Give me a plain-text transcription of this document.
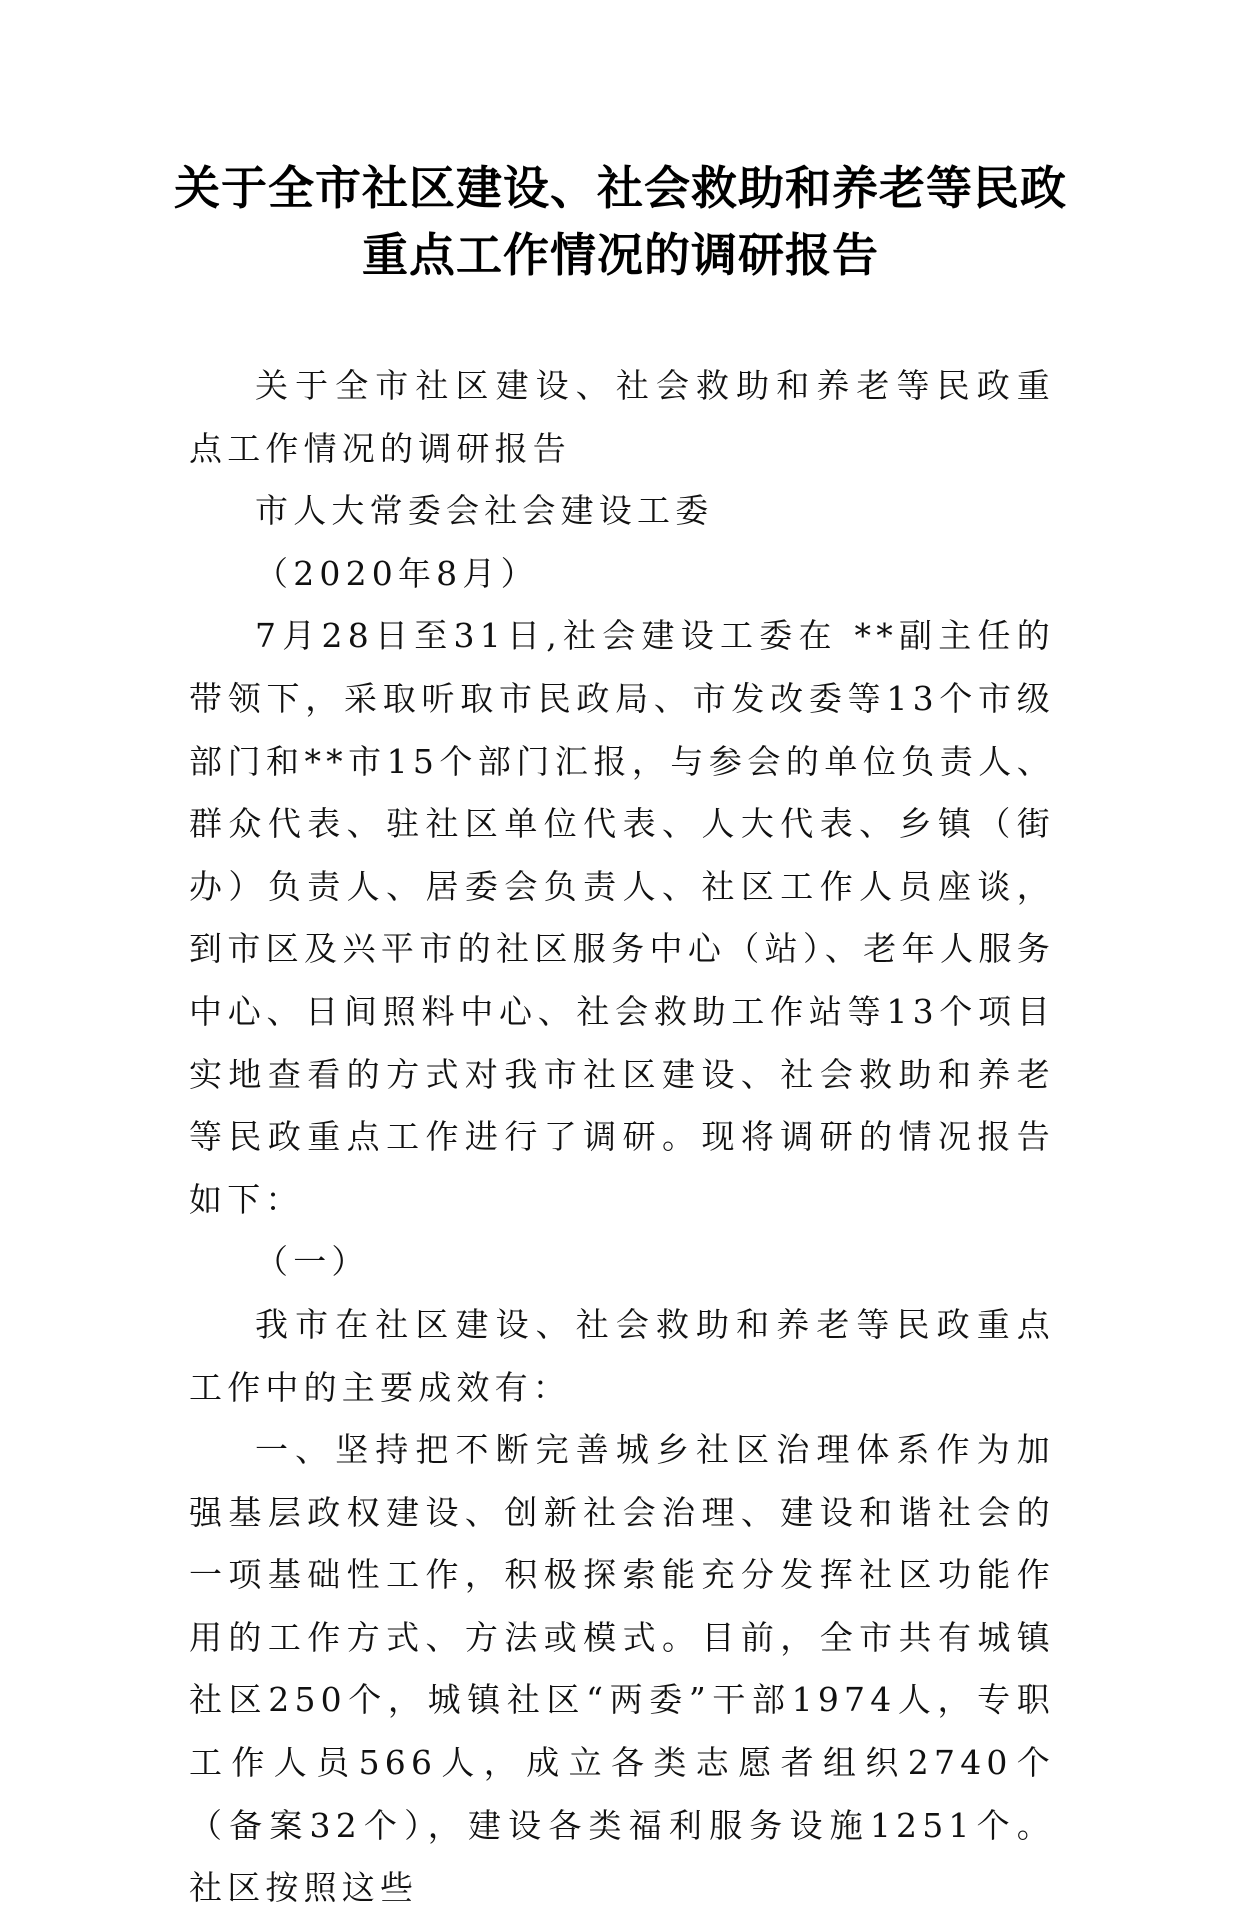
关于全市社区建设、社会救助和养老等民政
重点工作情况的调研报告

关于全市社区建设、社会救助和养老等民政重点工作情况的调研报告

市人大常委会社会建设工委

（2020年8月）

7月28日至31日,社会建设工委在 **副主任的带领下，采取听取市民政局、市发改委等13个市级部门和**市15个部门汇报，与参会的单位负责人、群众代表、驻社区单位代表、人大代表、乡镇（街办）负责人、居委会负责人、社区工作人员座谈，到市区及兴平市的社区服务中心（站）、老年人服务中心、日间照料中心、社会救助工作站等13个项目实地查看的方式对我市社区建设、社会救助和养老等民政重点工作进行了调研。现将调研的情况报告如下：

（一）

我市在社区建设、社会救助和养老等民政重点工作中的主要成效有：

一、坚持把不断完善城乡社区治理体系作为加强基层政权建设、创新社会治理、建设和谐社会的一项基础性工作，积极探索能充分发挥社区功能作用的工作方式、方法或模式。目前，全市共有城镇社区250个，城镇社区“两委”干部1974人，专职工作人员566人，成立各类志愿者组织2740个（备案32个），建设各类福利服务设施1251个。社区按照这些
